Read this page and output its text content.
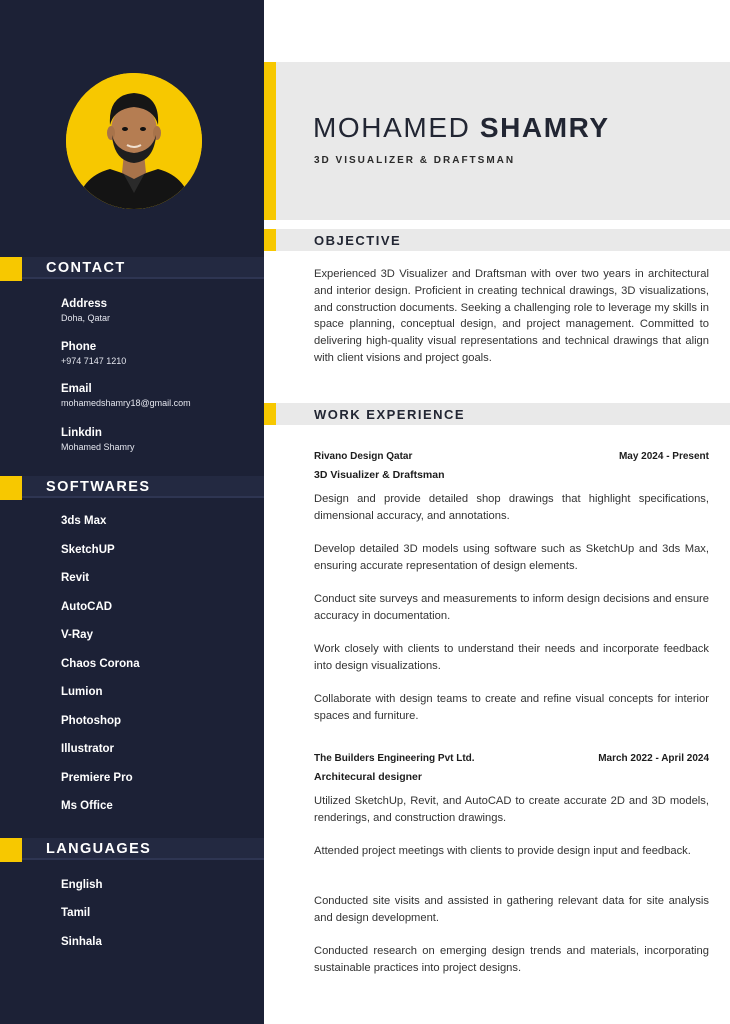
CONTACT
Address
Doha, Qatar
Phone
+974 7147 1210
Email
mohamedshamry18@gmail.com
Linkdin
Mohamed Shamry
SOFTWARES
3ds Max
SketchUP
Revit
AutoCAD
V-Ray
Chaos Corona
Lumion
Photoshop
Illustrator
Premiere Pro
Ms Office
LANGUAGES
English
Tamil
Sinhala
MOHAMED SHAMRY
3D VISUALIZER & DRAFTSMAN
OBJECTIVE
Experienced 3D Visualizer and Draftsman with over two years in architectural and interior design. Proficient in creating technical drawings, 3D visualizations, and construction documents. Seeking a challenging role to leverage my skills in space planning, conceptual design, and project management. Committed to delivering high-quality visual representations and technical drawings that align with client visions and project goals.
WORK EXPERIENCE
Rivano Design Qatar	May 2024 - Present
3D Visualizer & Draftsman
Design and provide detailed shop drawings that highlight specifications, dimensional accuracy, and annotations.
Develop detailed 3D models using software such as SketchUp and 3ds Max, ensuring accurate representation of design elements.
Conduct site surveys and measurements to inform design decisions and ensure accuracy in documentation.
Work closely with clients to understand their needs and incorporate feedback into design visualizations.
Collaborate with design teams to create and refine visual concepts for interior spaces and furniture.
The Builders Engineering Pvt Ltd.	March 2022 - April 2024
Architecural designer
Utilized SketchUp, Revit, and AutoCAD to create accurate 2D and 3D models, renderings, and construction drawings.
Attended project meetings with clients to provide design input and feedback.
Conducted site visits and assisted in gathering relevant data for site analysis and design development.
Conducted research on emerging design trends and materials, incorporating sustainable practices into project designs.
